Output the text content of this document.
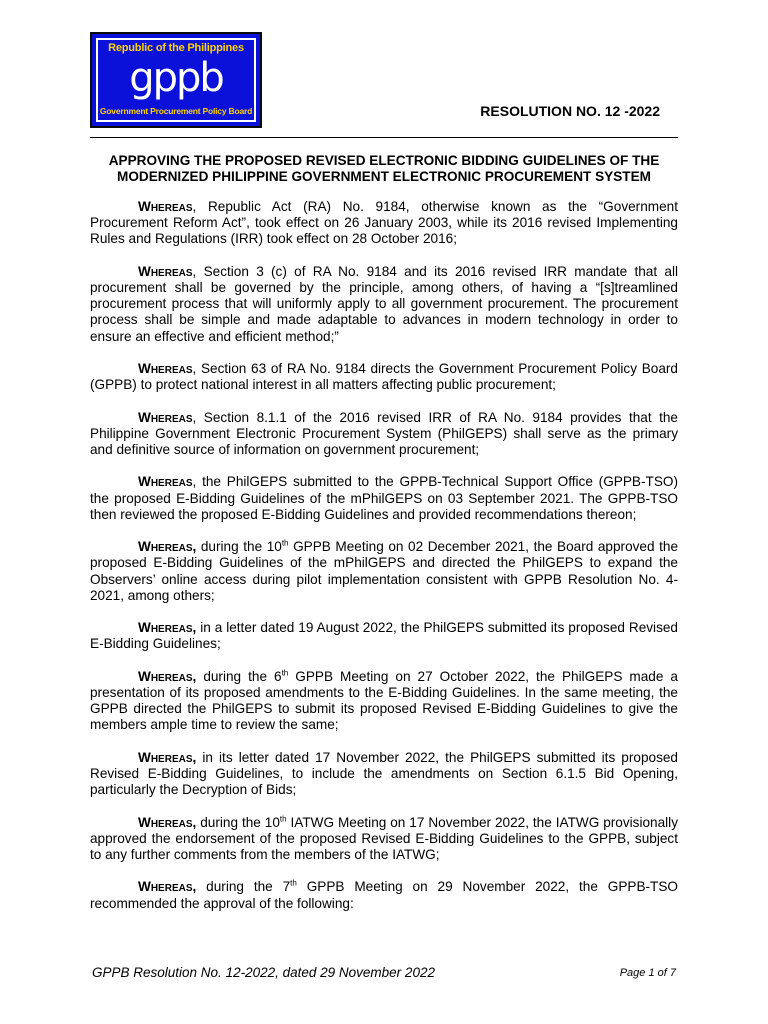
Republic of the Philippines
gppb
Government Procurement Policy Board	RESOLUTION NO. 12 -2022
APPROVING THE PROPOSED REVISED ELECTRONIC BIDDING GUIDELINES OF THE MODERNIZED PHILIPPINE GOVERNMENT ELECTRONIC PROCUREMENT SYSTEM

Whereas, Republic Act (RA) No. 9184, otherwise known as the “Government Procurement Reform Act”, took effect on 26 January 2003, while its 2016 revised Implementing Rules and Regulations (IRR) took effect on 28 October 2016;

Whereas, Section 3 (c) of RA No. 9184 and its 2016 revised IRR mandate that all procurement shall be governed by the principle, among others, of having a “[s]treamlined procurement process that will uniformly apply to all government procurement. The procurement process shall be simple and made adaptable to advances in modern technology in order to ensure an effective and efficient method;”

Whereas, Section 63 of RA No. 9184 directs the Government Procurement Policy Board (GPPB) to protect national interest in all matters affecting public procurement;

Whereas, Section 8.1.1 of the 2016 revised IRR of RA No. 9184 provides that the Philippine Government Electronic Procurement System (PhilGEPS) shall serve as the primary and definitive source of information on government procurement;

Whereas, the PhilGEPS submitted to the GPPB-Technical Support Office (GPPB-TSO) the proposed E-Bidding Guidelines of the mPhilGEPS on 03 September 2021. The GPPB-TSO then reviewed the proposed E-Bidding Guidelines and provided recommendations thereon;

Whereas, during the 10th GPPB Meeting on 02 December 2021, the Board approved the proposed E-Bidding Guidelines of the mPhilGEPS and directed the PhilGEPS to expand the Observers’ online access during pilot implementation consistent with GPPB Resolution No. 4-2021, among others;

Whereas, in a letter dated 19 August 2022, the PhilGEPS submitted its proposed Revised E-Bidding Guidelines;

Whereas, during the 6th GPPB Meeting on 27 October 2022, the PhilGEPS made a presentation of its proposed amendments to the E-Bidding Guidelines. In the same meeting, the GPPB directed the PhilGEPS to submit its proposed Revised E-Bidding Guidelines to give the members ample time to review the same;

Whereas, in its letter dated 17 November 2022, the PhilGEPS submitted its proposed Revised E-Bidding Guidelines, to include the amendments on Section 6.1.5 Bid Opening, particularly the Decryption of Bids;

Whereas, during the 10th IATWG Meeting on 17 November 2022, the IATWG provisionally approved the endorsement of the proposed Revised E-Bidding Guidelines to the GPPB, subject to any further comments from the members of the IATWG;

Whereas, during the 7th GPPB Meeting on 29 November 2022, the GPPB-TSO recommended the approval of the following:

GPPB Resolution No. 12-2022, dated 29 November 2022	Page 1 of 7
